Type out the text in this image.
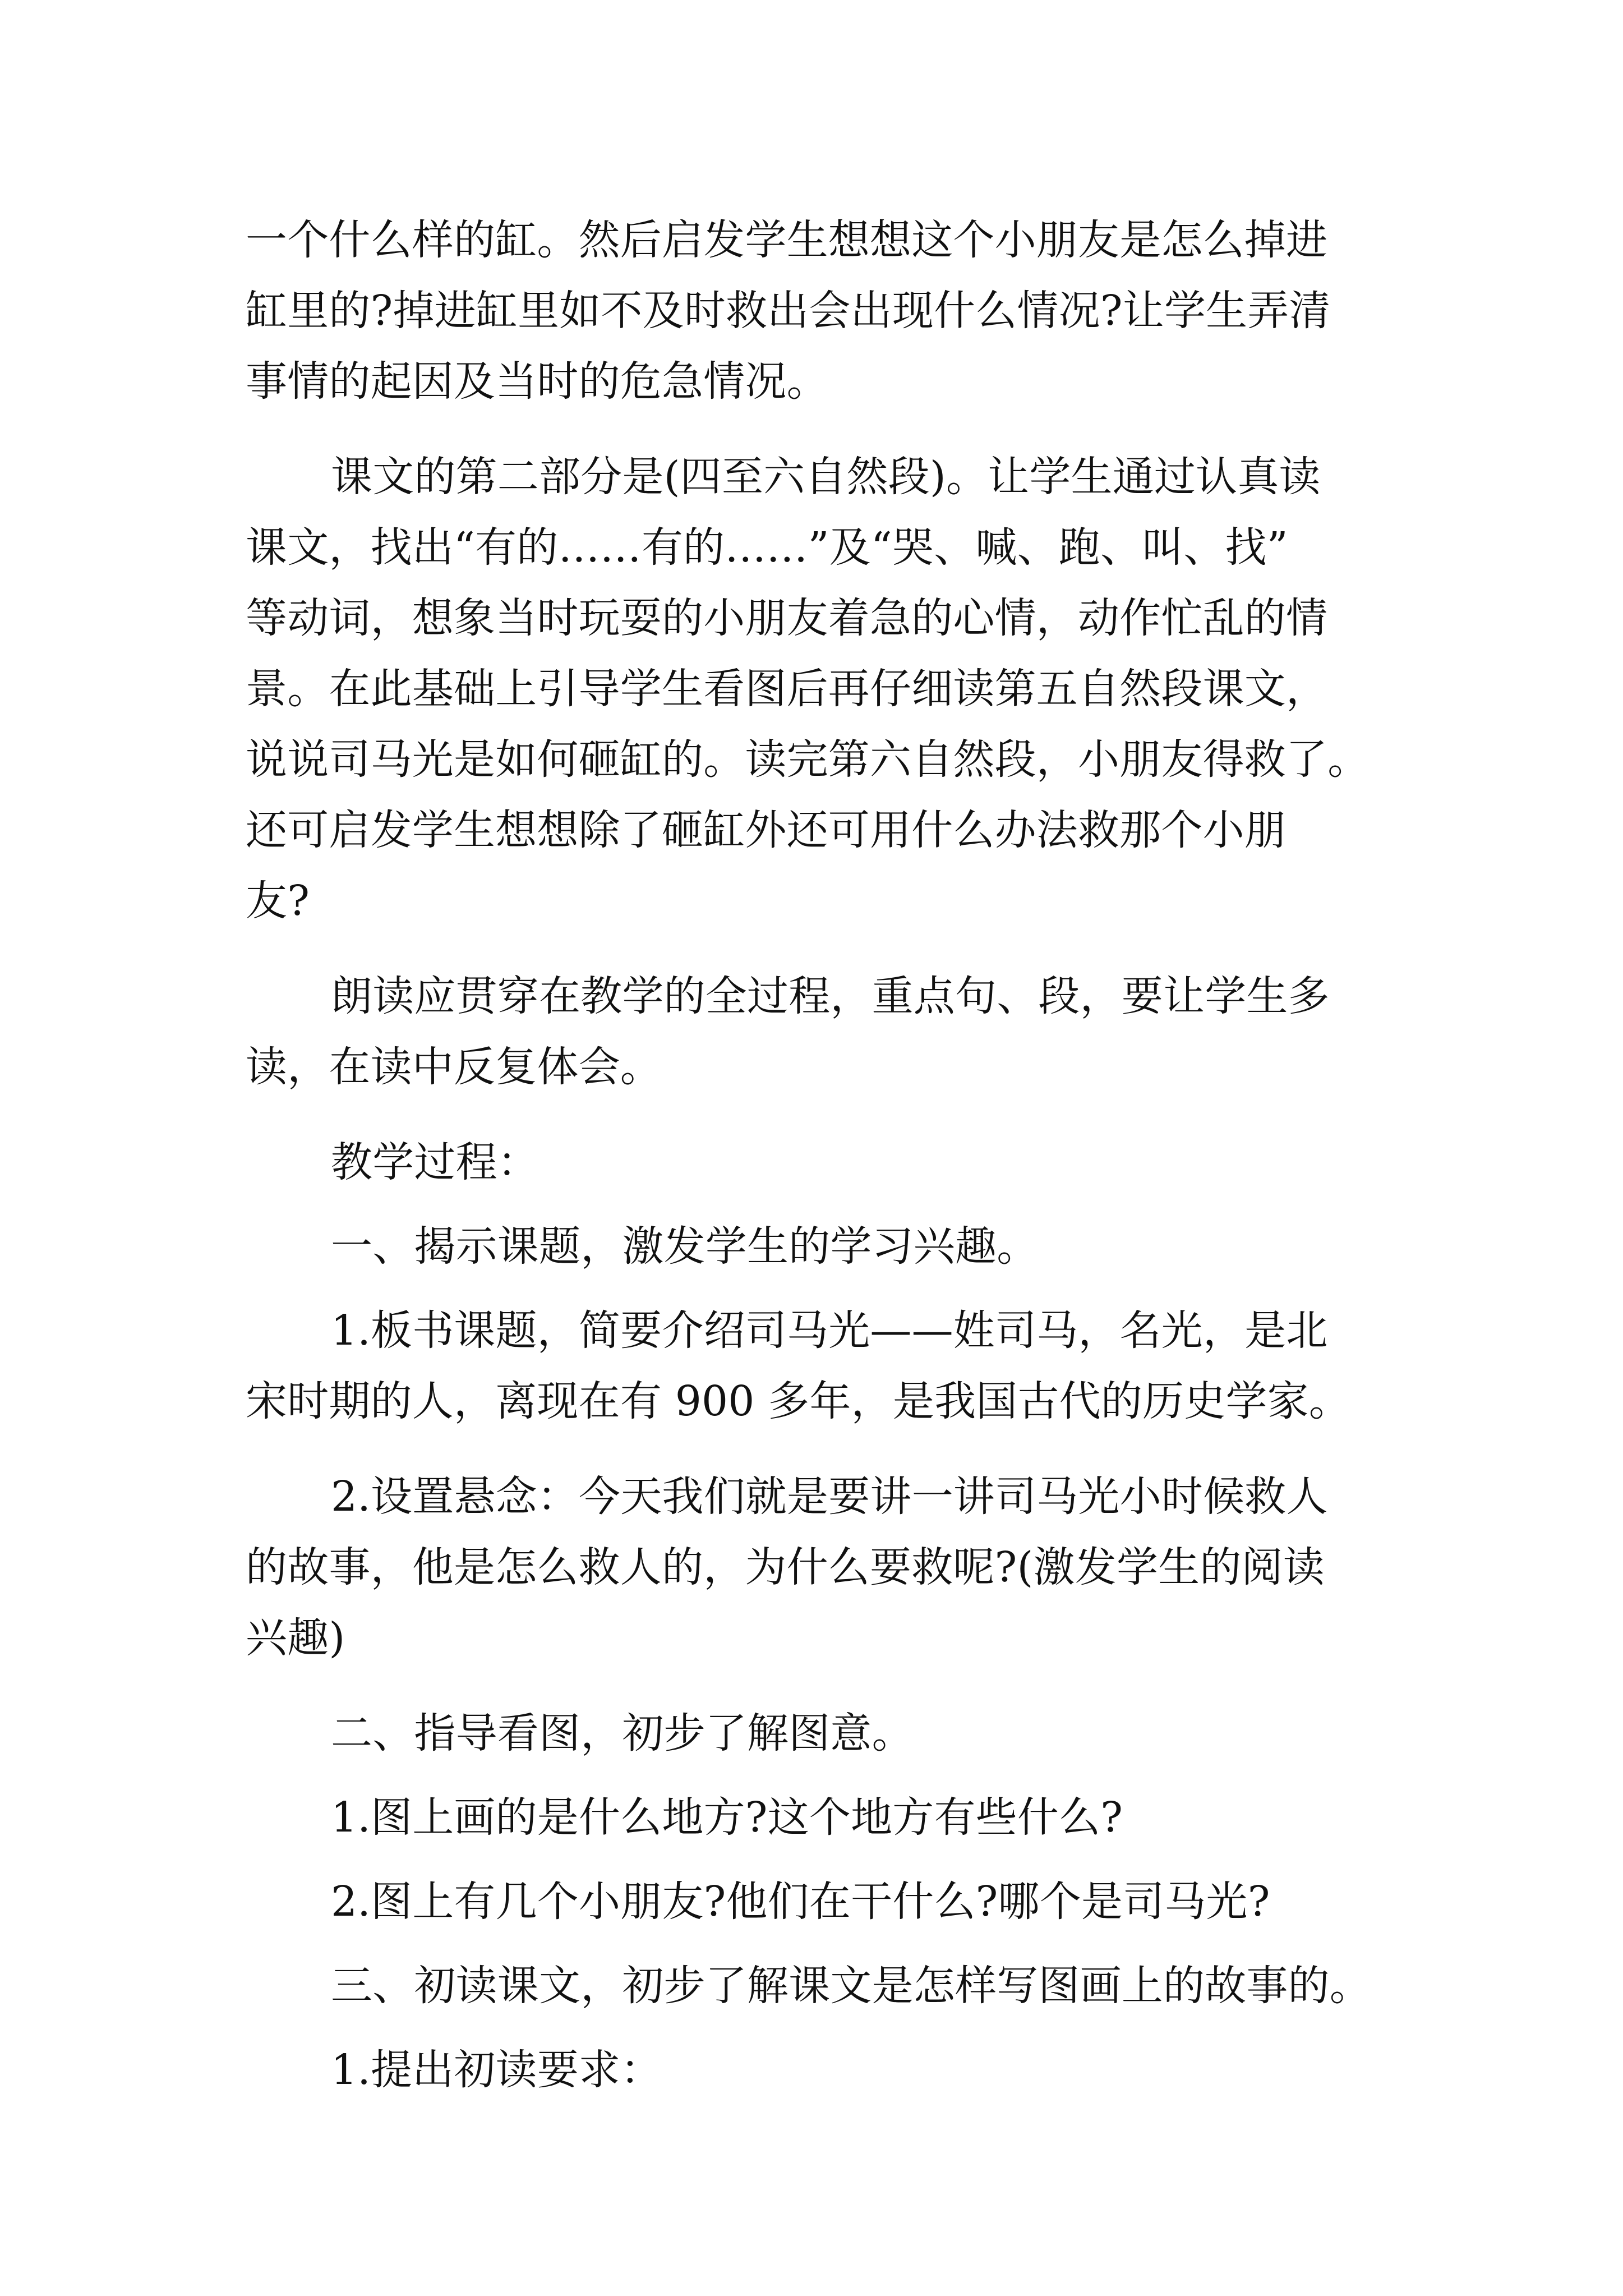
一个什么样的缸。然后启发学生想想这个小朋友是怎么掉进
缸里的?掉进缸里如不及时救出会出现什么情况?让学生弄清
事情的起因及当时的危急情况。
课文的第二部分是(四至六自然段)。让学生通过认真读
课文，找出“有的……有的……”及“哭、喊、跑、叫、找”
等动词，想象当时玩耍的小朋友着急的心情，动作忙乱的情
景。在此基础上引导学生看图后再仔细读第五自然段课文，
说说司马光是如何砸缸的。读完第六自然段，小朋友得救了。
还可启发学生想想除了砸缸外还可用什么办法救那个小朋
友?
朗读应贯穿在教学的全过程，重点句、段，要让学生多
读，在读中反复体会。
教学过程：
一、揭示课题，激发学生的学习兴趣。
1.板书课题，简要介绍司马光——姓司马，名光，是北
宋时期的人，离现在有 900 多年，是我国古代的历史学家。
2.设置悬念：今天我们就是要讲一讲司马光小时候救人
的故事，他是怎么救人的，为什么要救呢?(激发学生的阅读
兴趣)
二、指导看图，初步了解图意。
1.图上画的是什么地方?这个地方有些什么?
2.图上有几个小朋友?他们在干什么?哪个是司马光?
三、初读课文，初步了解课文是怎样写图画上的故事的。
1.提出初读要求：
